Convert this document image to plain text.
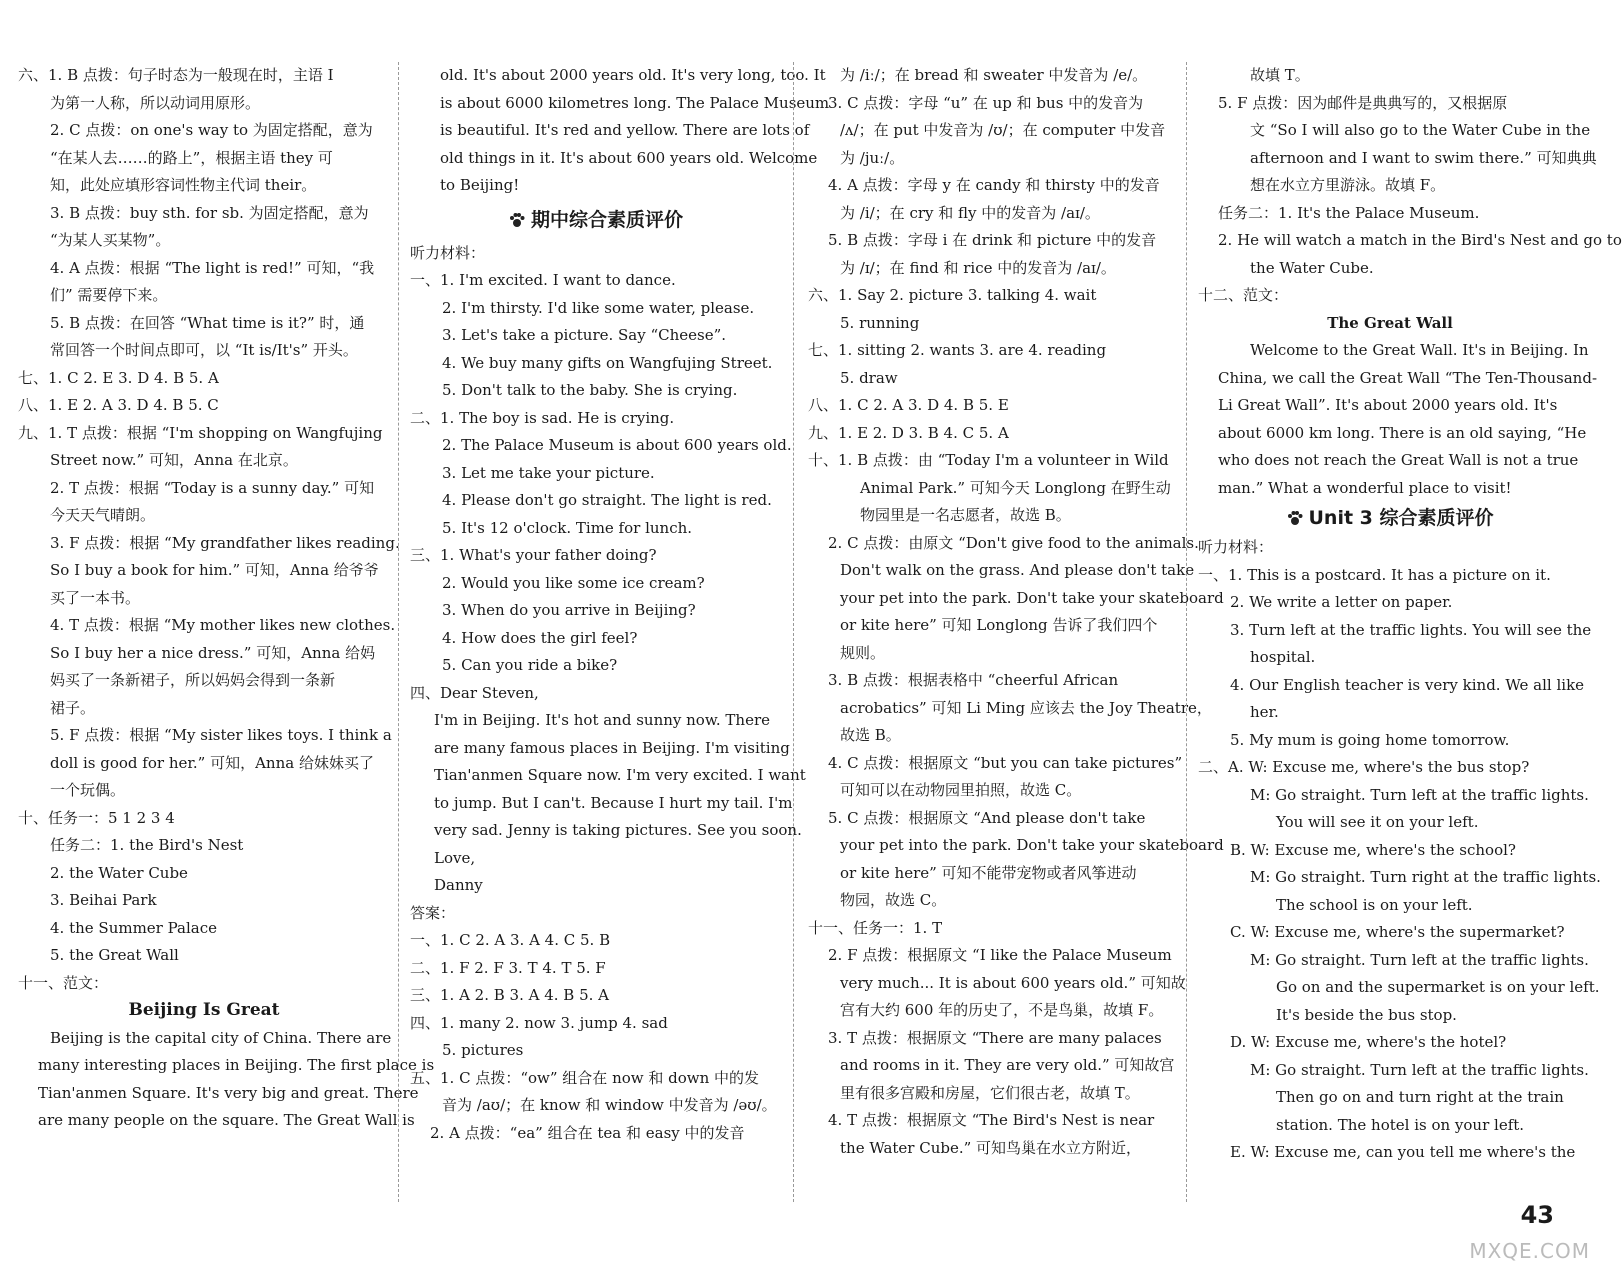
六、1. B 点拨：句子时态为一般现在时，主语 I
为第一人称，所以动词用原形。
2. C 点拨：on one's way to 为固定搭配，意为
“在某人去……的路上”，根据主语 they 可
知，此处应填形容词性物主代词 their。
3. B 点拨：buy sth. for sb. 为固定搭配，意为
“为某人买某物”。
4. A 点拨：根据 “The light is red!” 可知，“我
们” 需要停下来。
5. B 点拨：在回答 “What time is it?” 时，通
常回答一个时间点即可，以 “It is/It's” 开头。
七、1. C 2. E 3. D 4. B 5. A
八、1. E 2. A 3. D 4. B 5. C
九、1. T 点拨：根据 “I'm shopping on Wangfujing
Street now.” 可知，Anna 在北京。
2. T 点拨：根据 “Today is a sunny day.” 可知
今天天气晴朗。
3. F 点拨：根据 “My grandfather likes reading.
So I buy a book for him.” 可知，Anna 给爷爷
买了一本书。
4. T 点拨：根据 “My mother likes new clothes.
So I buy her a nice dress.” 可知，Anna 给妈
妈买了一条新裙子，所以妈妈会得到一条新
裙子。
5. F 点拨：根据 “My sister likes toys. I think a
doll is good for her.” 可知，Anna 给妹妹买了
一个玩偶。
十、任务一：5 1 2 3 4
任务二：1. the Bird's Nest
2. the Water Cube
3. Beihai Park
4. the Summer Palace
5. the Great Wall
十一、范文：
Beijing Is Great
Beijing is the capital city of China. There are
many interesting places in Beijing. The first place is
Tian'anmen Square. It's very big and great. There
are many people on the square. The Great Wall is
old. It's about 2000 years old. It's very long, too. It
is about 6000 kilometres long. The Palace Museum
is beautiful. It's red and yellow. There are lots of
old things in it. It's about 600 years old. Welcome
to Beijing!
期中综合素质评价
听力材料：
一、1. I'm excited. I want to dance.
2. I'm thirsty. I'd like some water, please.
3. Let's take a picture. Say “Cheese”.
4. We buy many gifts on Wangfujing Street.
5. Don't talk to the baby. She is crying.
二、1. The boy is sad. He is crying.
2. The Palace Museum is about 600 years old.
3. Let me take your picture.
4. Please don't go straight. The light is red.
5. It's 12 o'clock. Time for lunch.
三、1. What's your father doing?
2. Would you like some ice cream?
3. When do you arrive in Beijing?
4. How does the girl feel?
5. Can you ride a bike?
四、Dear Steven,
I'm in Beijing. It's hot and sunny now. There
are many famous places in Beijing. I'm visiting
Tian'anmen Square now. I'm very excited. I want
to jump. But I can't. Because I hurt my tail. I'm
very sad. Jenny is taking pictures. See you soon.
Love,
Danny
答案：
一、1. C 2. A 3. A 4. C 5. B
二、1. F 2. F 3. T 4. T 5. F
三、1. A 2. B 3. A 4. B 5. A
四、1. many 2. now 3. jump 4. sad
5. pictures
五、1. C 点拨：“ow” 组合在 now 和 down 中的发
音为 /aʊ/；在 know 和 window 中发音为 /əʊ/。
2. A 点拨：“ea” 组合在 tea 和 easy 中的发音
为 /iː/；在 bread 和 sweater 中发音为 /e/。
3. C 点拨：字母 “u” 在 up 和 bus 中的发音为
/ʌ/；在 put 中发音为 /ʊ/；在 computer 中发音
为 /juː/。
4. A 点拨：字母 y 在 candy 和 thirsty 中的发音
为 /i/；在 cry 和 fly 中的发音为 /aɪ/。
5. B 点拨：字母 i 在 drink 和 picture 中的发音
为 /ɪ/；在 find 和 rice 中的发音为 /aɪ/。
六、1. Say 2. picture 3. talking 4. wait
5. running
七、1. sitting 2. wants 3. are 4. reading
5. draw
八、1. C 2. A 3. D 4. B 5. E
九、1. E 2. D 3. B 4. C 5. A
十、1. B 点拨：由 “Today I'm a volunteer in Wild
Animal Park.” 可知今天 Longlong 在野生动
物园里是一名志愿者，故选 B。
2. C 点拨：由原文 “Don't give food to the animals.
Don't walk on the grass. And please don't take
your pet into the park. Don't take your skateboard
or kite here” 可知 Longlong 告诉了我们四个
规则。
3. B 点拨：根据表格中 “cheerful African
acrobatics” 可知 Li Ming 应该去 the Joy Theatre，
故选 B。
4. C 点拨：根据原文 “but you can take pictures”
可知可以在动物园里拍照，故选 C。
5. C 点拨：根据原文 “And please don't take
your pet into the park. Don't take your skateboard
or kite here” 可知不能带宠物或者风筝进动
物园，故选 C。
十一、任务一：1. T
2. F 点拨：根据原文 “I like the Palace Museum
very much... It is about 600 years old.” 可知故
宫有大约 600 年的历史了，不是鸟巢，故填 F。
3. T 点拨：根据原文 “There are many palaces
and rooms in it. They are very old.” 可知故宫
里有很多宫殿和房屋，它们很古老，故填 T。
4. T 点拨：根据原文 “The Bird's Nest is near
the Water Cube.” 可知鸟巢在水立方附近，
故填 T。
5. F 点拨：因为邮件是典典写的，又根据原
文 “So I will also go to the Water Cube in the
afternoon and I want to swim there.” 可知典典
想在水立方里游泳。故填 F。
任务二：1. It's the Palace Museum.
2. He will watch a match in the Bird's Nest and go to
the Water Cube.
十二、范文：
The Great Wall
Welcome to the Great Wall. It's in Beijing. In
China, we call the Great Wall “The Ten-Thousand-
Li Great Wall”. It's about 2000 years old. It's
about 6000 km long. There is an old saying, “He
who does not reach the Great Wall is not a true
man.” What a wonderful place to visit!
Unit 3 综合素质评价
听力材料：
一、1. This is a postcard. It has a picture on it.
2. We write a letter on paper.
3. Turn left at the traffic lights. You will see the
hospital.
4. Our English teacher is very kind. We all like
her.
5. My mum is going home tomorrow.
二、A. W: Excuse me, where's the bus stop?
M: Go straight. Turn left at the traffic lights.
You will see it on your left.
B. W: Excuse me, where's the school?
M: Go straight. Turn right at the traffic lights.
The school is on your left.
C. W: Excuse me, where's the supermarket?
M: Go straight. Turn left at the traffic lights.
Go on and the supermarket is on your left.
It's beside the bus stop.
D. W: Excuse me, where's the hotel?
M: Go straight. Turn left at the traffic lights.
Then go on and turn right at the train
station. The hotel is on your left.
E. W: Excuse me, can you tell me where's the
43
MXQE.COM
